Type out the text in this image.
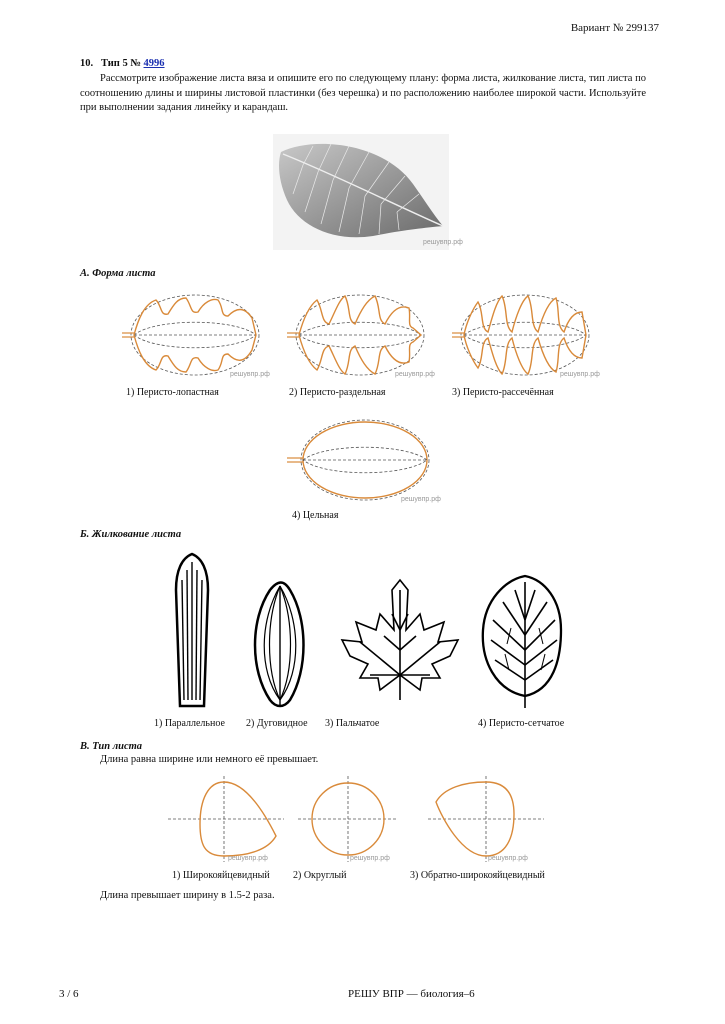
Вариант № 299137
10. Тип 5 № 4996
Рассмотрите изображение листа вяза и опишите его по следующему плану: форма листа, жилкование листа, тип листа по соотношению длины и ширины листовой пластинки (без черешка) и по расположению наиболее широкой части. Используйте при выполнении задания линейку и карандаш.
решувпр.рф
А. Форма листа
решувпр.рф	решувпр.рф	решувпр.рф
1) Перисто-лопастная	2) Перисто-раздельная	3) Перисто-рассечённая
решувпр.рф
4) Цельная
Б. Жилкование листа
1) Параллельное 2) Дуговидное 3) Пальчатое	4) Перисто-сетчатое
В. Тип листа
Длина равна ширине или немного её превышает.
решувпр.рф	решувпр.рф	решувпр.рф
1) Широкояйцевидный 2) Округлый	3) Обратно-широкояйцевидный
Длина превышает ширину в 1.5-2 раза.
3 / 6	РЕШУ ВПР — биология–6
